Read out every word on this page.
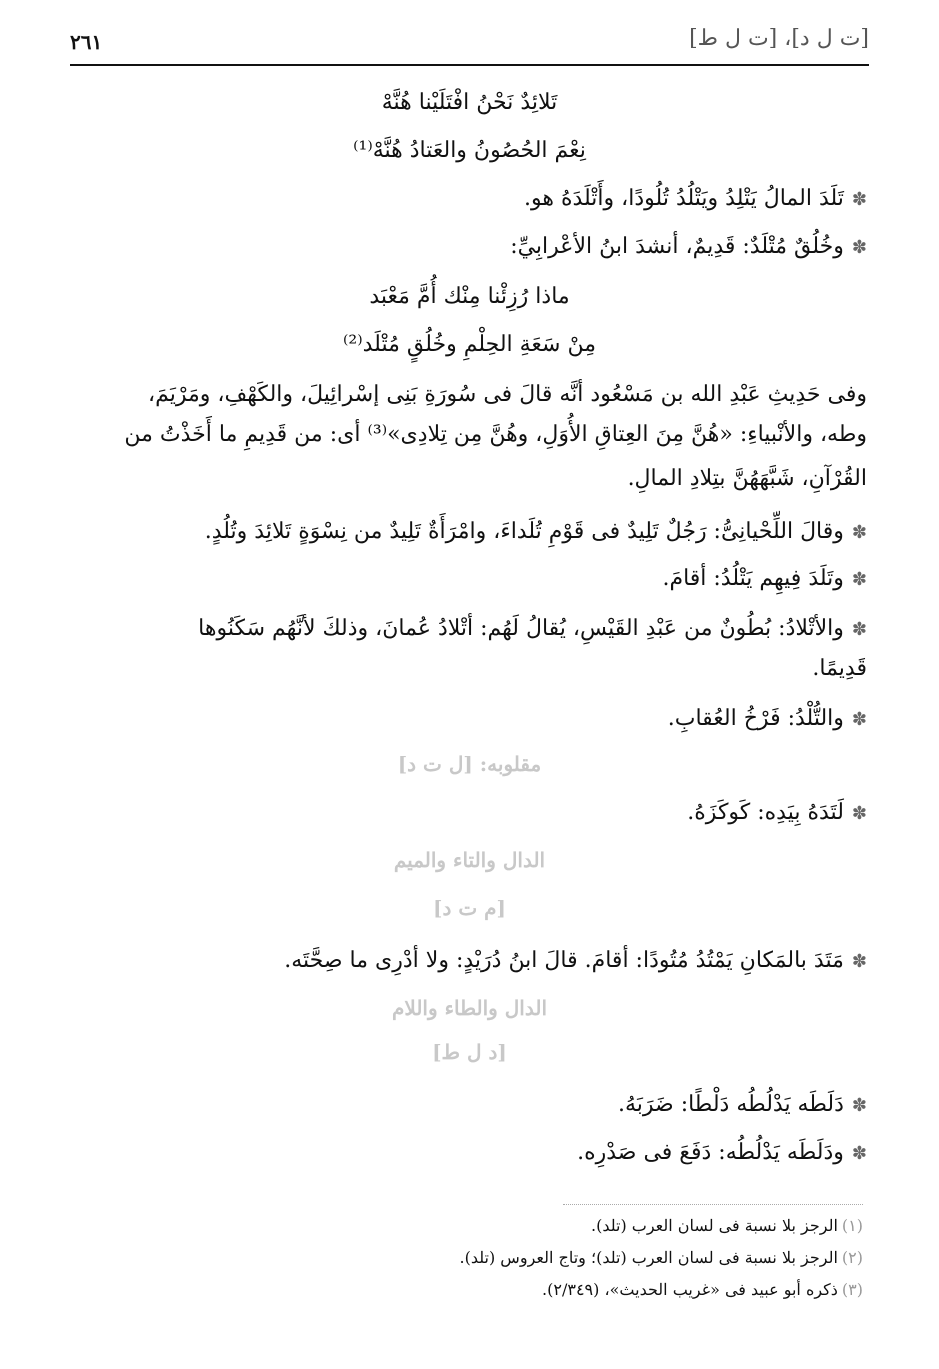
٢٦١	[ت ل د]، [ت ل ط]
تَلائِدٌ نَحْنُ افْتَلَيْنا هُنَّهْ
نِعْمَ الحُصُونُ والعَتادُ هُنَّهْ⁽¹⁾
✽تَلَدَ المالُ يَتْلِدُ ويَتْلُدُ تُلُودًا، وأَتْلَدَهُ هو.
✽وخُلُقٌ مُتْلَدٌ: قَدِيمٌ، أنشدَ ابنُ الأعْرابِيِّ:
ماذا رُزِئْنا مِنْك أُمَّ مَعْبَد
مِنْ سَعَةِ الحِلْمِ وخُلُقٍ مُتْلَد⁽²⁾
وفى حَدِيثِ عَبْدِ الله بن مَسْعُود أنَّه قالَ فى سُورَةِ بَنِى إسْرائِيلَ، والكَهْفِ، ومَرْيَمَ،
وطه، والأنْبياءِ: «هُنَّ مِنَ العِتاقِ الأُوَلِ، وهُنَّ مِن تِلادِى»⁽³⁾ أى: من قَدِيمِ ما أَخَذْتُ من
القُرْآنِ، شَبَّهَهُنَّ بتِلادِ المالِ.
✽وقالَ اللِّحْيانِىُّ: رَجُلٌ تَلِيدٌ فى قَوْمِ تُلَداءَ، وامْرَأَةٌ تَلِيدٌ من نِسْوَةٍ تَلائِدَ وتُلُدٍ.
✽وتَلَدَ فِيهِم يَتْلُدُ: أقامَ.
✽والأتْلادُ: بُطُونٌ من عَبْدِ القَيْسِ، يُقالُ لَهُم: أتْلادُ عُمانَ، وذلكَ لأنَّهُم سَكَنُوها
قَدِيمًا.
✽والتُّلْدُ: فَرْخُ العُقابِ.
مقلوبه: [ل ت د]
✽لَتَدَهُ بِيَدِه: كَوكَزَهُ.
الدال والتاء والميم
[م ت د]
✽مَتَدَ بالمَكانِ يَمْتُدُ مُتُودًا: أقامَ. قالَ ابنُ دُرَيْدٍ: ولا أدْرِى ما صِحَّتَه.
الدال والطاء واللام
[د ل ط]
✽دَلَطَه يَدْلُطُه دَلْطًا: ضَرَبَهُ.
✽ودَلَطَه يَدْلُطُه: دَفَعَ فى صَدْرِه.
(١)الرجز بلا نسبة فى لسان العرب (تلد).
(٢)الرجز بلا نسبة فى لسان العرب (تلد)؛ وتاج العروس (تلد).
(٣)ذكره أبو عبيد فى «غريب الحديث»، (٢/٣٤٩).
